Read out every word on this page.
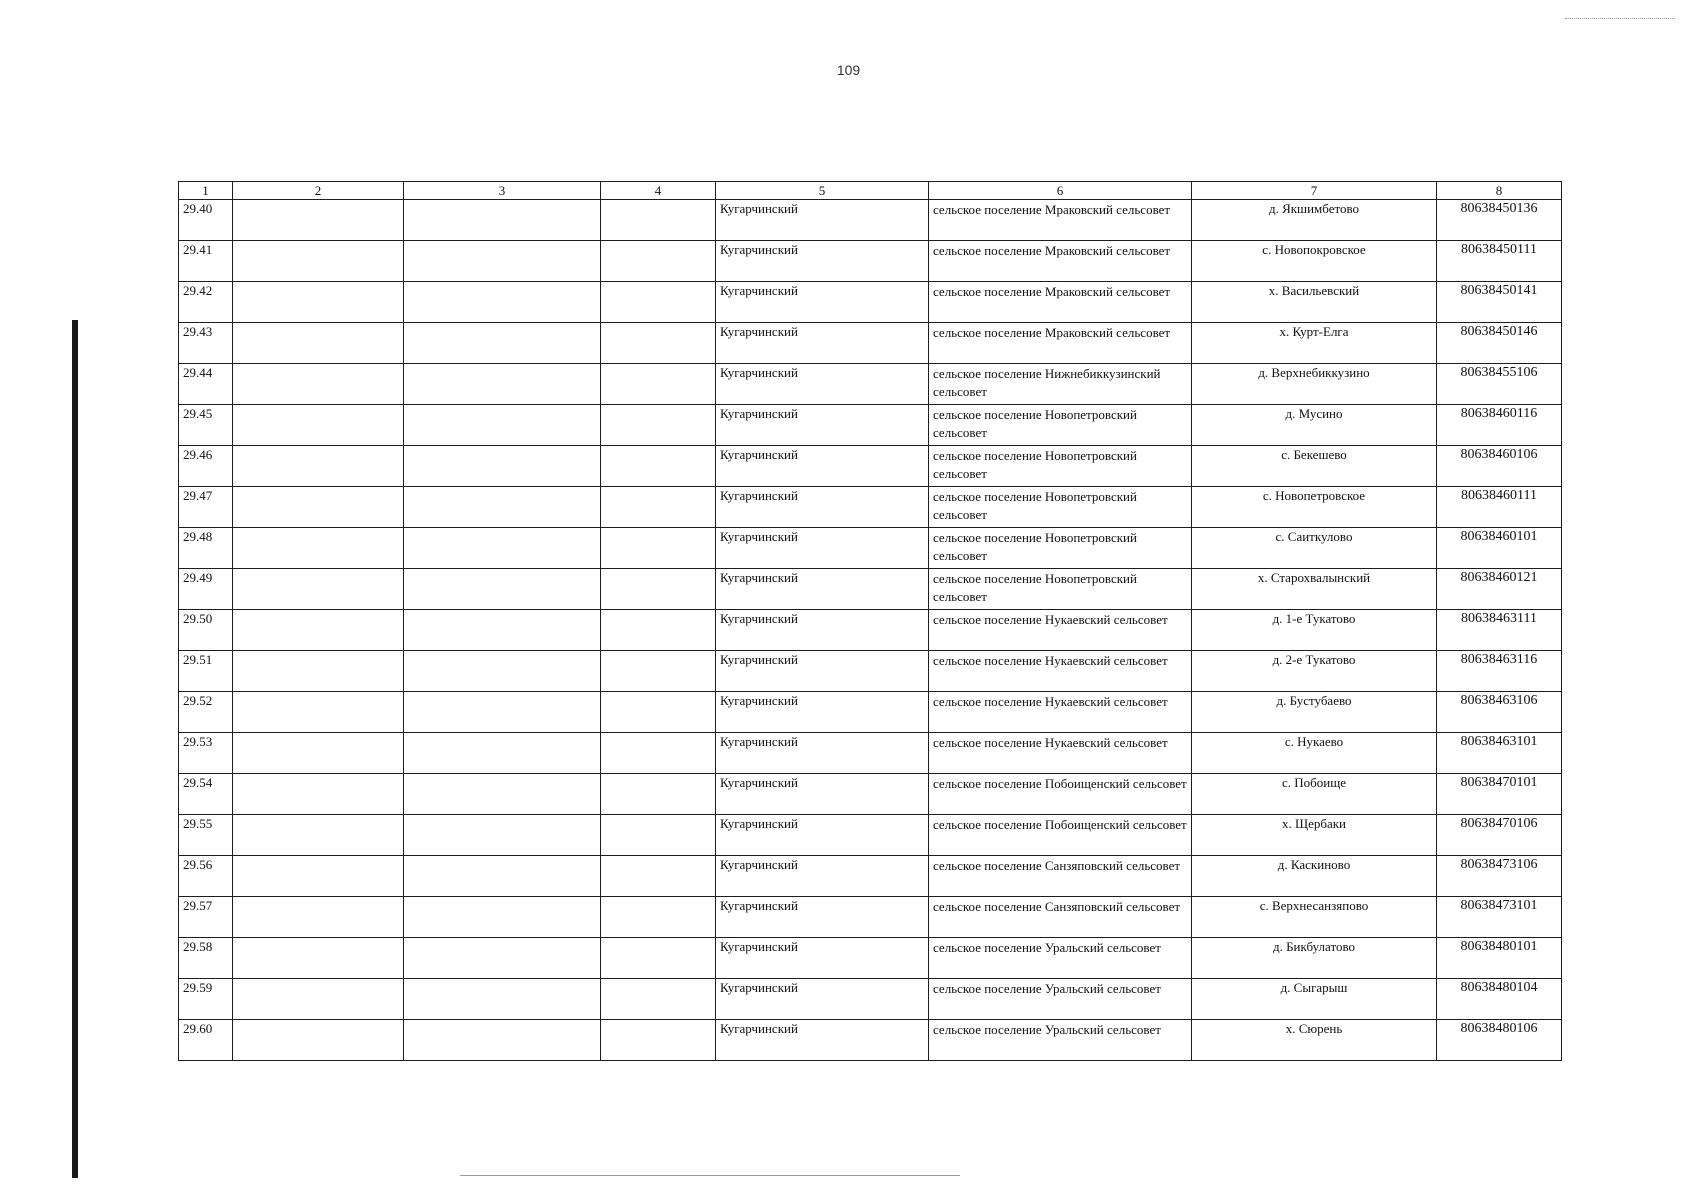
109
1	2	3	4	5	6	7	8
29.40				Кугарчинский	сельское поселение Мраковский сельсовет	д. Якшимбетово	80638450136
29.41				Кугарчинский	сельское поселение Мраковский сельсовет	с. Новопокровское	80638450111
29.42				Кугарчинский	сельское поселение Мраковский сельсовет	х. Васильевский	80638450141
29.43				Кугарчинский	сельское поселение Мраковский сельсовет	х. Курт-Елга	80638450146
29.44				Кугарчинский	сельское поселение Нижнебиккузинский сельсовет	д. Верхнебиккузино	80638455106
29.45				Кугарчинский	сельское поселение Новопетровский сельсовет	д. Мусино	80638460116
29.46				Кугарчинский	сельское поселение Новопетровский сельсовет	с. Бекешево	80638460106
29.47				Кугарчинский	сельское поселение Новопетровский сельсовет	с. Новопетровское	80638460111
29.48				Кугарчинский	сельское поселение Новопетровский сельсовет	с. Саиткулово	80638460101
29.49				Кугарчинский	сельское поселение Новопетровский сельсовет	х. Старохвалынский	80638460121
29.50				Кугарчинский	сельское поселение Нукаевский сельсовет	д. 1-е Тукатово	80638463111
29.51				Кугарчинский	сельское поселение Нукаевский сельсовет	д. 2-е Тукатово	80638463116
29.52				Кугарчинский	сельское поселение Нукаевский сельсовет	д. Бустубаево	80638463106
29.53				Кугарчинский	сельское поселение Нукаевский сельсовет	с. Нукаево	80638463101
29.54				Кугарчинский	сельское поселение Побоищенский сельсовет	с. Побоище	80638470101
29.55				Кугарчинский	сельское поселение Побоищенский сельсовет	х. Щербаки	80638470106
29.56				Кугарчинский	сельское поселение Санзяповский сельсовет	д. Каскиново	80638473106
29.57				Кугарчинский	сельское поселение Санзяповский сельсовет	с. Верхнесанзяпово	80638473101
29.58				Кугарчинский	сельское поселение Уральский сельсовет	д. Бикбулатово	80638480101
29.59				Кугарчинский	сельское поселение Уральский сельсовет	д. Сыгарыш	80638480104
29.60				Кугарчинский	сельское поселение Уральский сельсовет	х. Сюрень	80638480106
